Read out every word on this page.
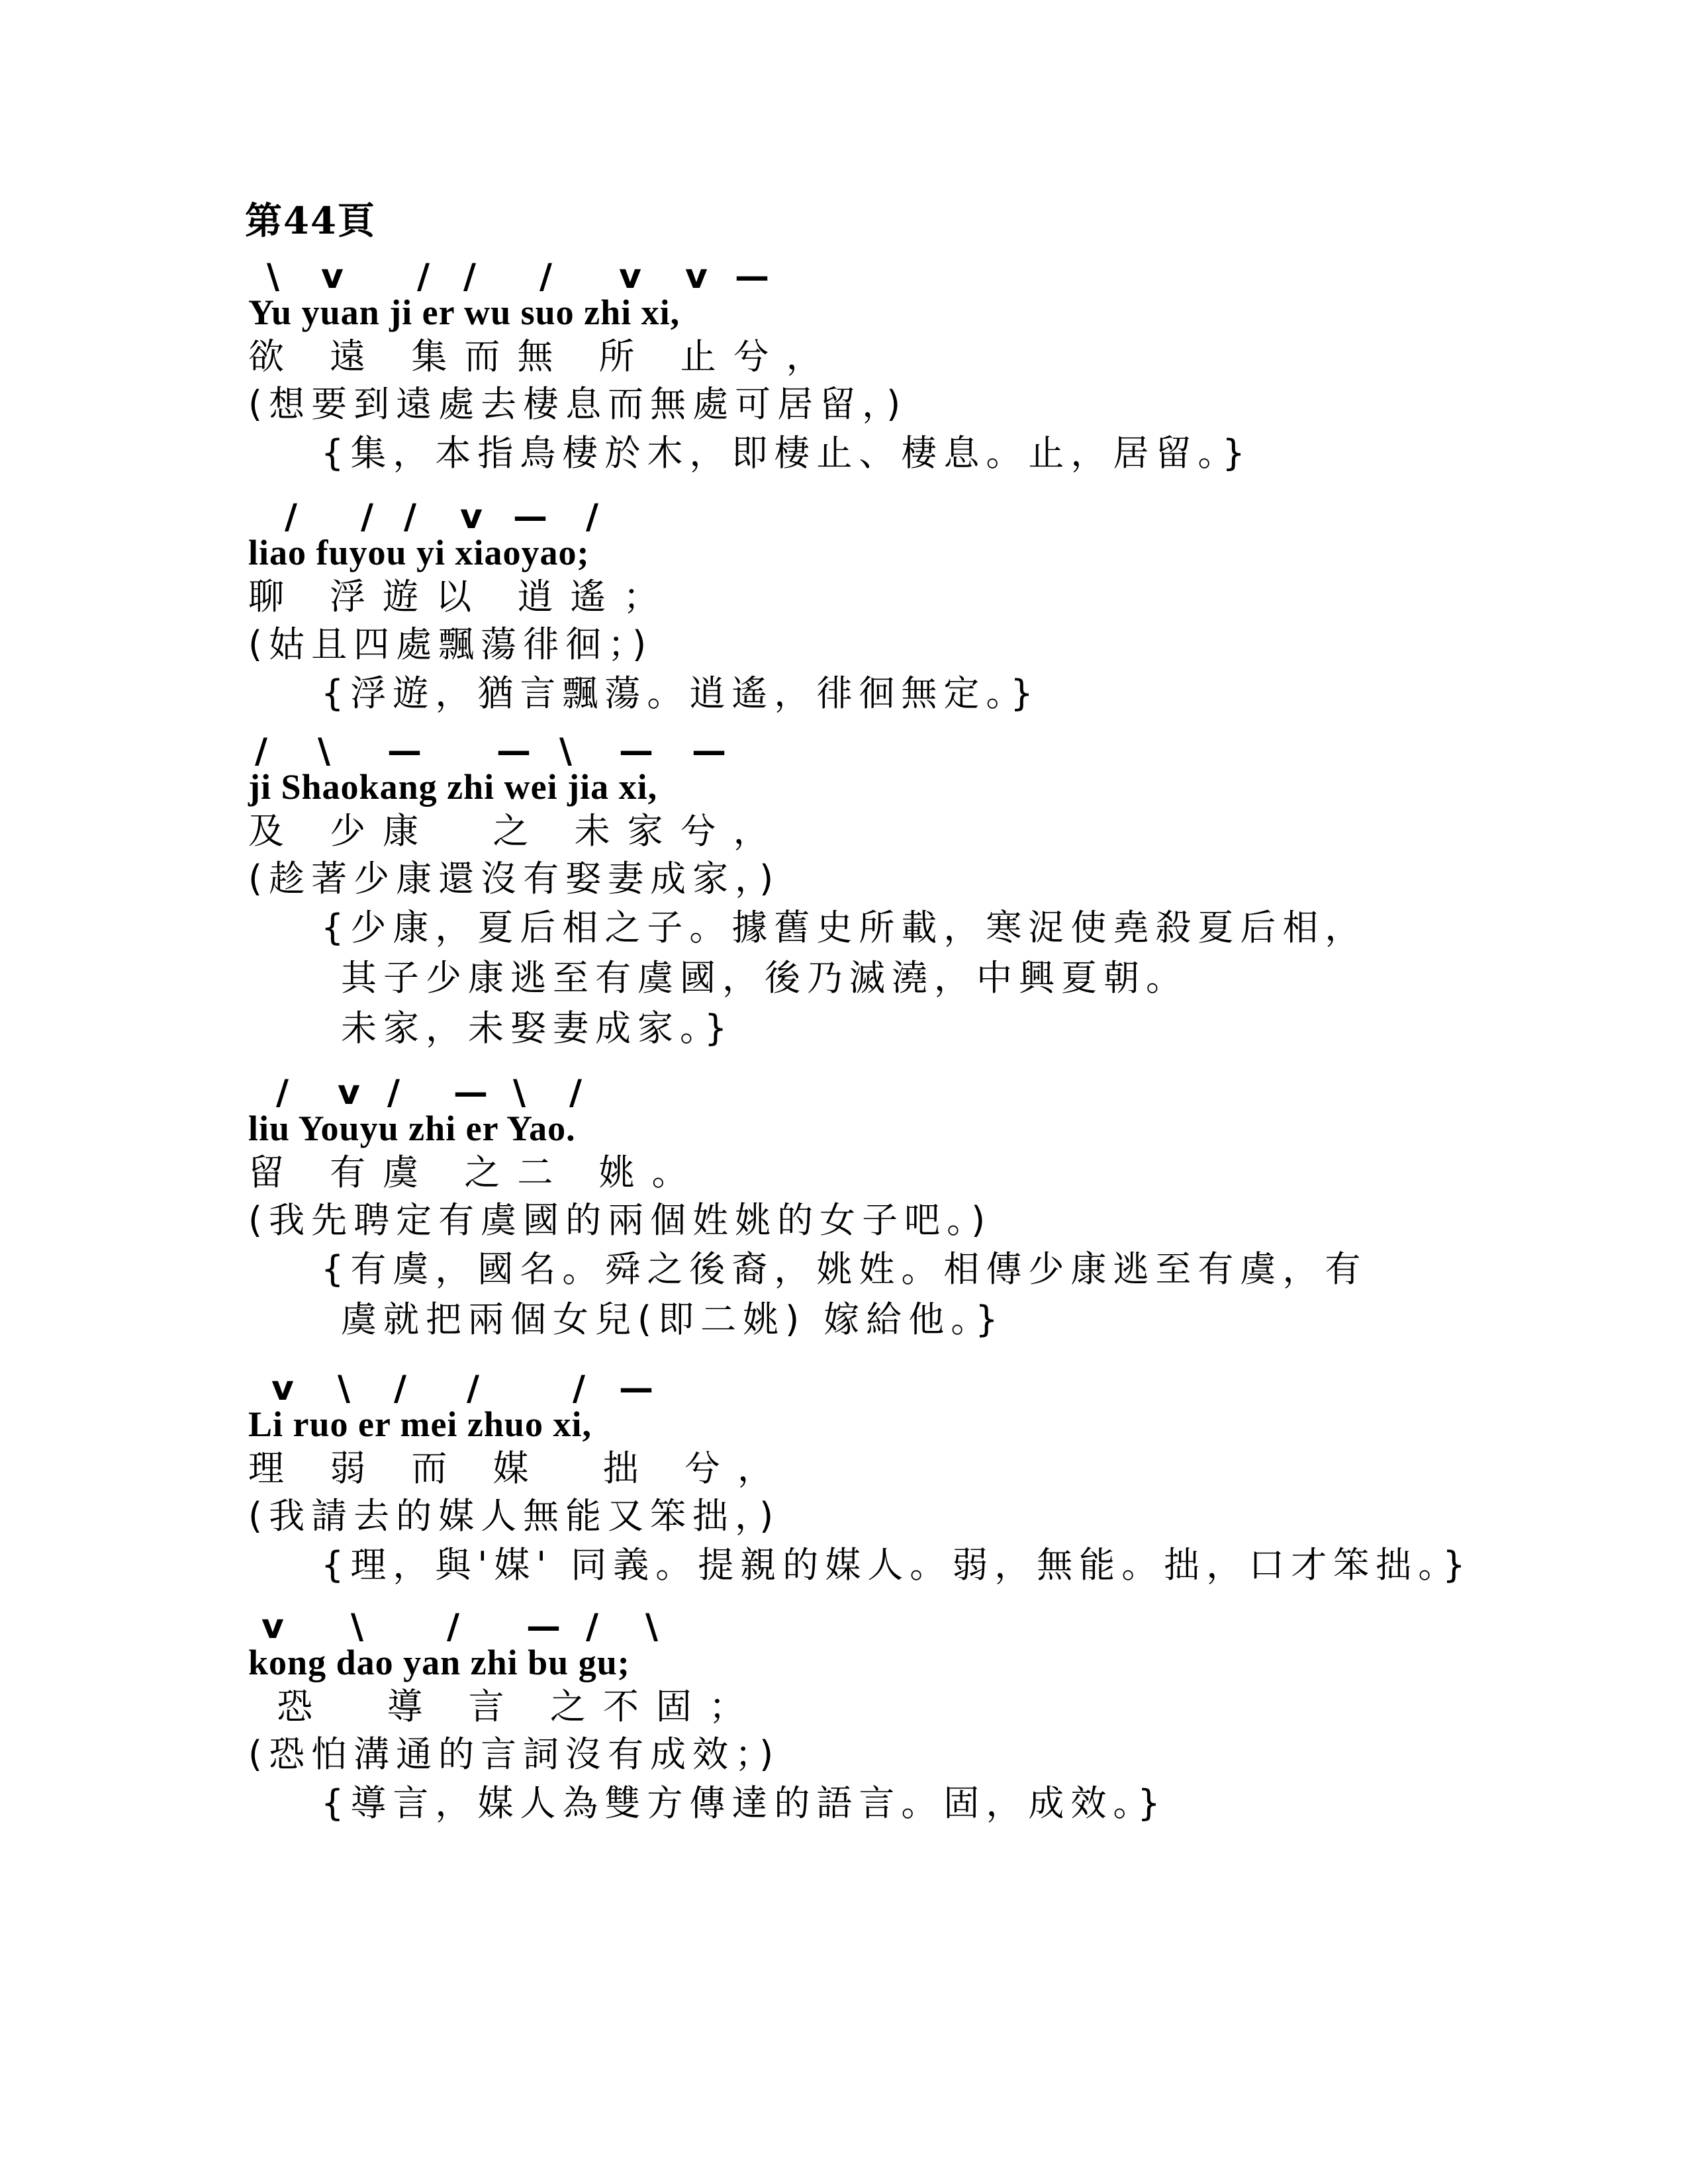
第44頁
\ v / / / v v —
Yu yuan ji er wu suo zhi xi,
欲 遠 集而無 所 止兮，
(想要到遠處去棲息而無處可居留，)
{集，本指鳥棲於木，即棲止、棲息。止，居留。}
/ / / v — /
liao fuyou yi xiaoyao;
聊 浮遊以 逍遙；
(姑且四處飄蕩徘徊；)
{浮遊，猶言飄蕩。逍遙，徘徊無定。}
/ \ — — \ — —
ji Shaokang zhi wei jia xi,
及 少康  之 未家兮，
(趁著少康還沒有娶妻成家，)
{少康，夏后相之子。據舊史所載，寒浞使堯殺夏后相，
其子少康逃至有虞國，後乃滅澆，中興夏朝。
未家，未娶妻成家。}
/ v / — \ /
liu Youyu zhi er Yao.
留 有虞 之二 姚。
(我先聘定有虞國的兩個姓姚的女子吧。)
{有虞，國名。舜之後裔，姚姓。相傳少康逃至有虞，有
虞就把兩個女兒(即二姚) 嫁給他。}
v \ / /	/ —
Li ruo er mei zhuo xi,
理 弱 而 媒  拙 兮，
(我請去的媒人無能又笨拙，)
{理，與'媒' 同義。提親的媒人。弱，無能。拙，口才笨拙。}
v \ / — / \
kong dao yan zhi bu gu;
恐  導 言 之不固；
(恐怕溝通的言詞沒有成效；)
{導言，媒人為雙方傳達的語言。固，成效。}
